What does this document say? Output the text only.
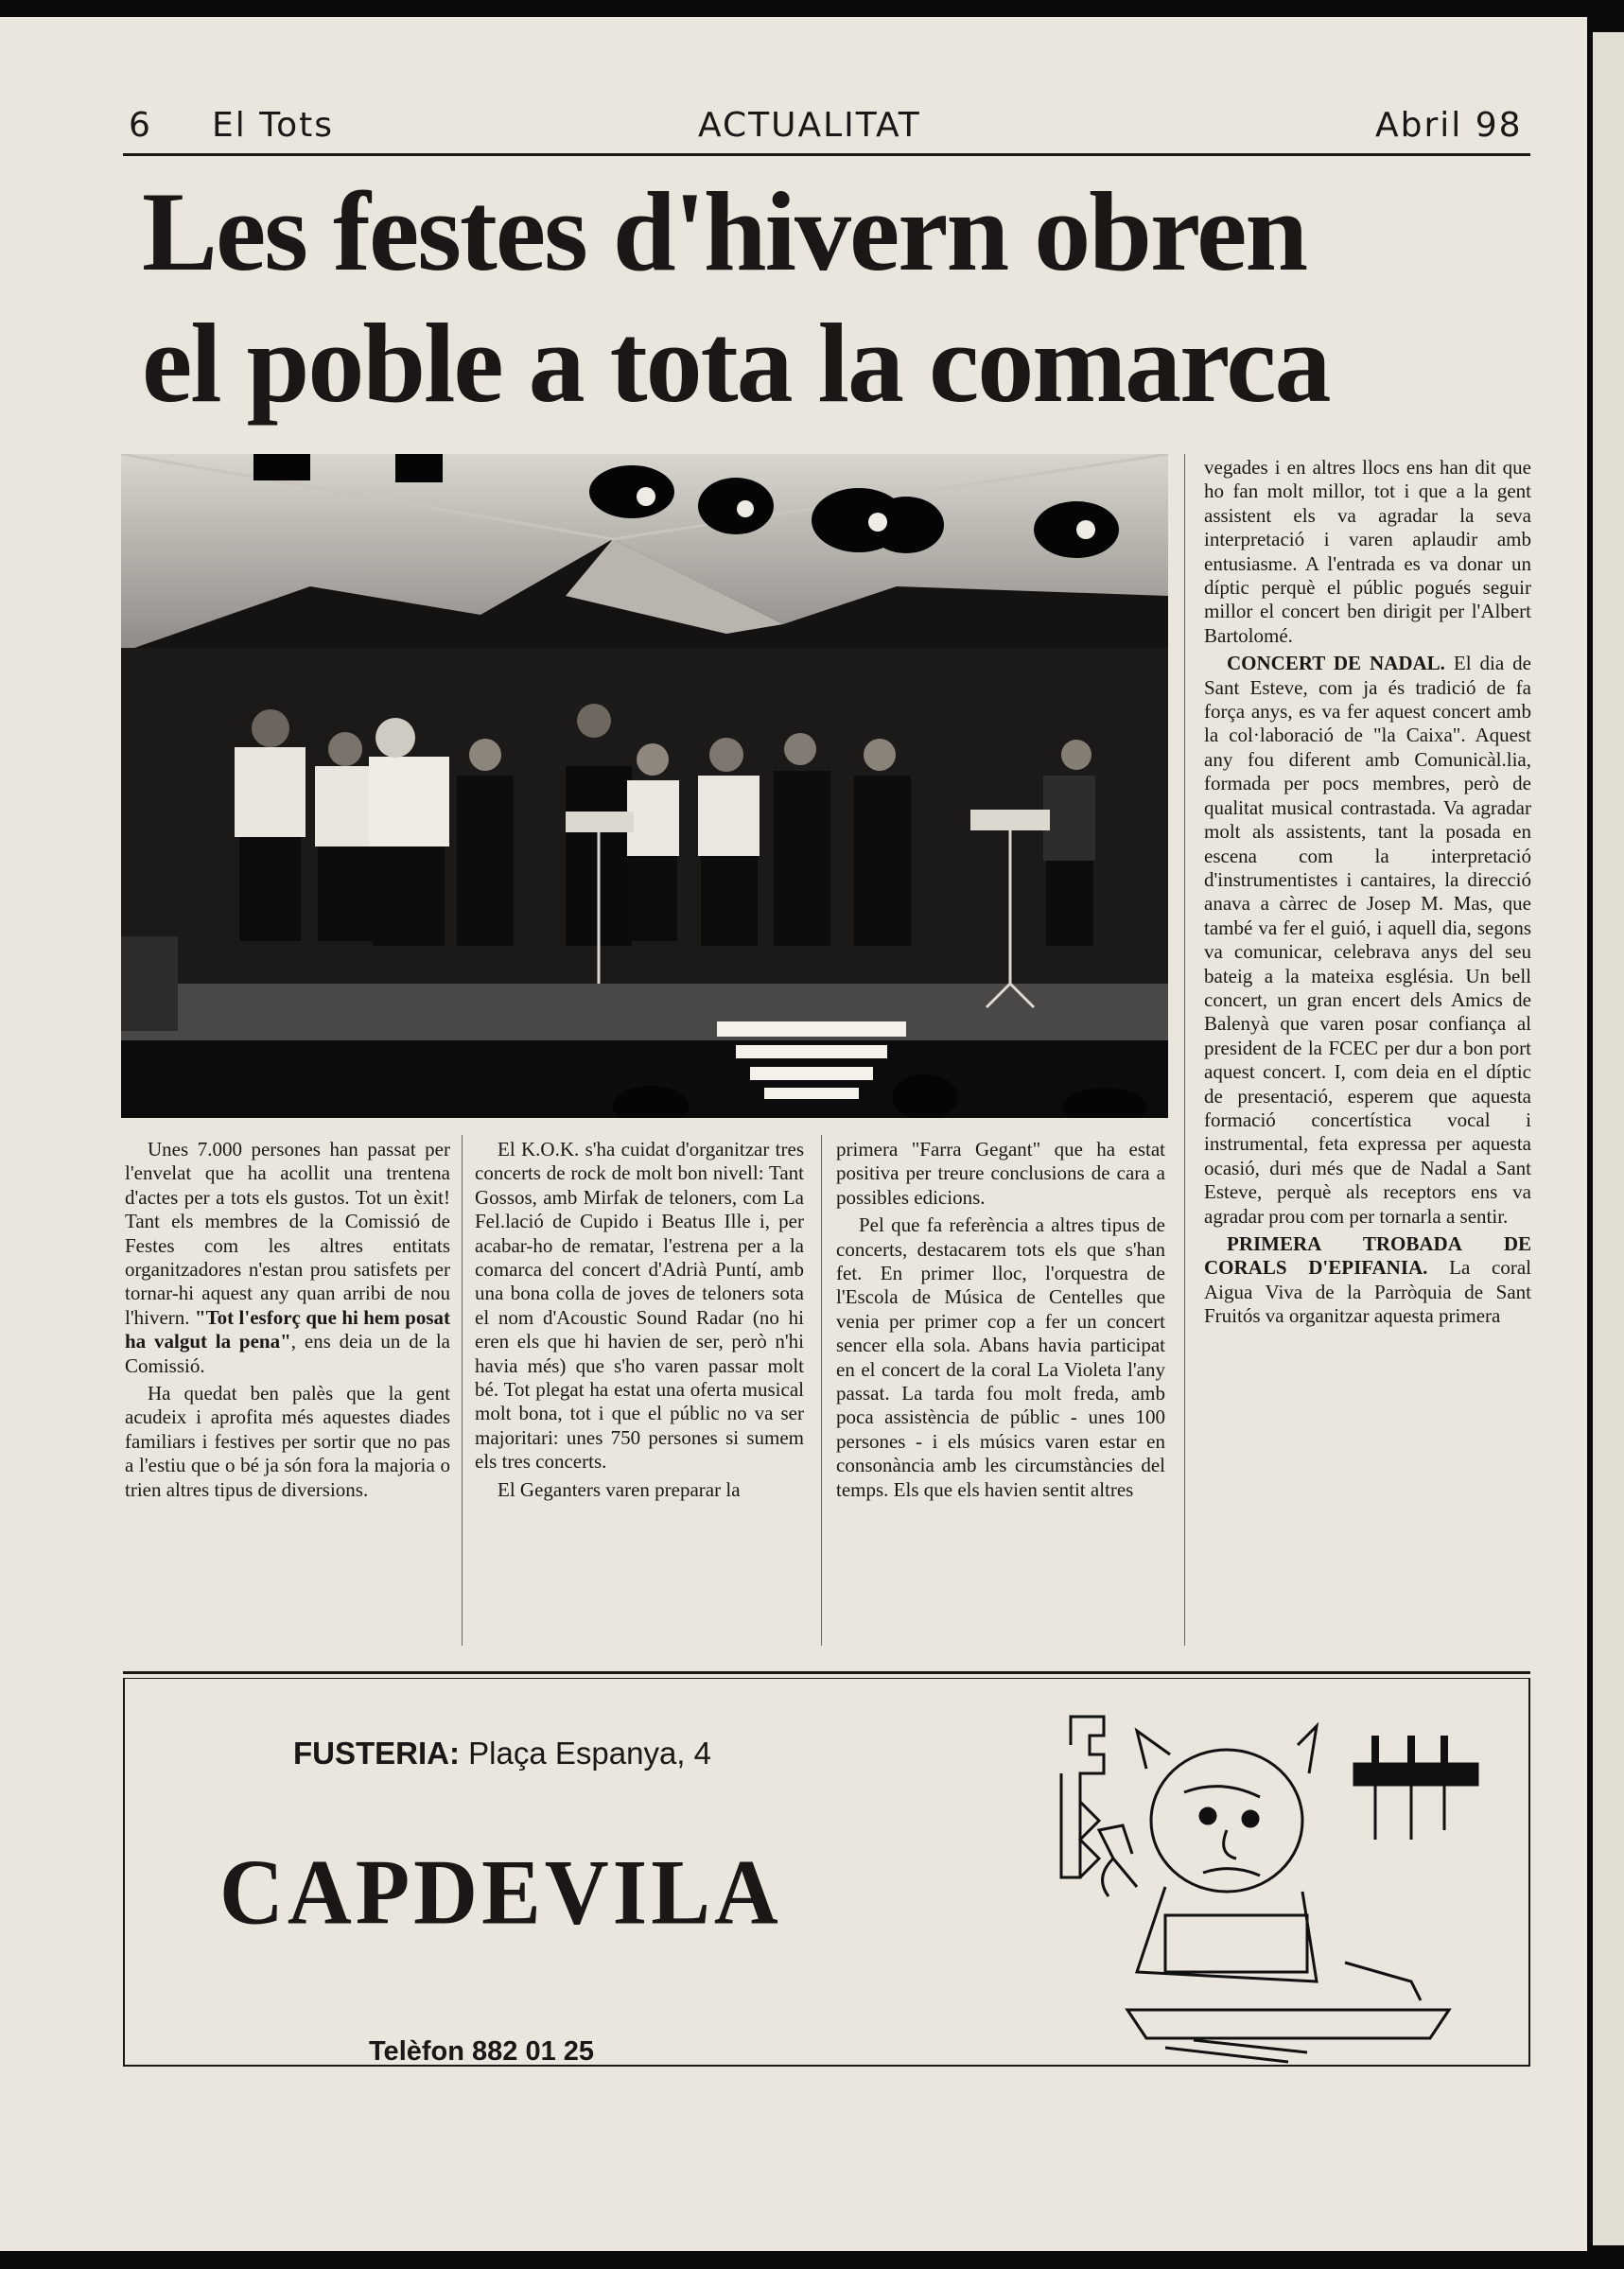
6 El Tots	ACTUALITAT	Abril 98
Les festes d'hivern obren
el poble a tota la comarca

Unes 7.000 persones han passat per l'envelat que ha acollit una trentena d'actes per a tots els gustos. Tot un èxit! Tant els membres de la Comissió de Festes com les altres entitats organitzadores n'estan prou satisfets per tornar-hi aquest any quan arribi de nou l'hivern. "Tot l'esforç que hi hem posat ha valgut la pena", ens deia un de la Comissió.

Ha quedat ben palès que la gent acudeix i aprofita més aquestes diades familiars i festives per sortir que no pas a l'estiu que o bé ja són fora la majoria o trien altres tipus de diversions.

El K.O.K. s'ha cuidat d'organitzar tres concerts de rock de molt bon nivell: Tant Gossos, amb Mirfak de teloners, com La Fel.lació de Cupido i Beatus Ille i, per acabar-ho de rematar, l'estrena per a la comarca del concert d'Adrià Puntí, amb una bona colla de joves de teloners sota el nom d'Acoustic Sound Radar (no hi eren els que hi havien de ser, però n'hi havia més) que s'ho varen passar molt bé. Tot plegat ha estat una oferta musical molt bona, tot i que el públic no va ser majoritari: unes 750 persones si sumem els tres concerts.

El Geganters varen preparar la

primera "Farra Gegant" que ha estat positiva per treure conclusions de cara a possibles edicions.

Pel que fa referència a altres tipus de concerts, destacarem tots els que s'han fet. En primer lloc, l'orquestra de l'Escola de Música de Centelles que venia per primer cop a fer un concert sencer ella sola. Abans havia participat en el concert de la coral La Violeta l'any passat. La tarda fou molt freda, amb poca assistència de públic - unes 100 persones - i els músics varen estar en consonància amb les circumstàncies del temps. Els que els havien sentit altres

vegades i en altres llocs ens han dit que ho fan molt millor, tot i que a la gent assistent els va agradar la seva interpretació i varen aplaudir amb entusiasme. A l'entrada es va donar un díptic perquè el públic pogués seguir millor el concert ben dirigit per l'Albert Bartolomé.

CONCERT DE NADAL. El dia de Sant Esteve, com ja és tradició de fa força anys, es va fer aquest concert amb la col·laboració de "la Caixa". Aquest any fou diferent amb Comunicàl.lia, formada per pocs membres, però de qualitat musical contrastada. Va agradar molt als assistents, tant la posada en escena com la interpretació d'instrumentistes i cantaires, la direcció anava a càrrec de Josep M. Mas, que també va fer el guió, i aquell dia, segons va comunicar, celebrava anys del seu bateig a la mateixa església. Un bell concert, un gran encert dels Amics de Balenyà que varen posar confiança al president de la FCEC per dur a bon port aquest concert. I, com deia en el díptic de presentació, esperem que aquesta formació concertística vocal i instrumental, feta expressa per aquesta ocasió, duri més que de Nadal a Sant Esteve, perquè als receptors ens va agradar prou com per tornarla a sentir.

PRIMERA TROBADA DE CORALS D'EPIFANIA. La coral Aigua Viva de la Parròquia de Sant Fruitós va organitzar aquesta primera

FUSTERIA: Plaça Espanya, 4
CAPDEVILA
Telèfon 882 01 25
